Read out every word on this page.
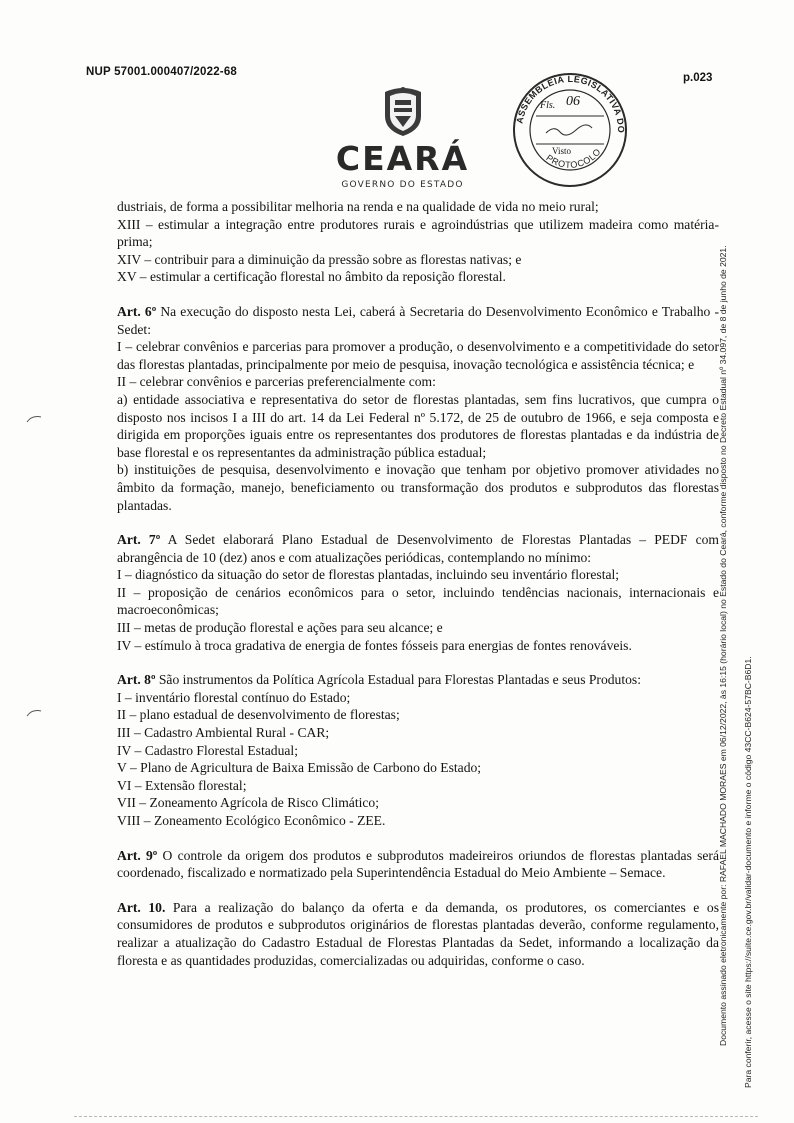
NUP 57001.000407/2022-68	p.023
CEARÁ
GOVERNO DO ESTADO
ASSEMBLEIA LEGISLATIVA DO
PROTOCOLO
Fls. 06
Visto
Documento assinado eletronicamente por: RAFAEL MACHADO MORAES em 06/12/2022, às 16:15 (horário local) no Estado do Ceará, conforme disposto no Decreto Estadual nº 34.097, de 8 de junho de 2021. Para conferir, acesse o site https://suite.ce.gov.br/validar-documento e informe o código 43CC-B624-57BC-B6D1.

dustriais, de forma a possibilitar melhoria na renda e na qualidade de vida no meio rural;

XIII – estimular a integração entre produtores rurais e agroindústrias que utilizem madeira como matéria-prima;

XIV – contribuir para a diminuição da pressão sobre as florestas nativas; e

XV – estimular a certificação florestal no âmbito da reposição florestal.

Art. 6º Na execução do disposto nesta Lei, caberá à Secretaria do Desenvolvimento Econômico e Trabalho - Sedet:

I – celebrar convênios e parcerias para promover a produção, o desenvolvimento e a competitividade do setor das florestas plantadas, principalmente por meio de pesquisa, inovação tecnológica e assistência técnica; e

II – celebrar convênios e parcerias preferencialmente com:

a) entidade associativa e representativa do setor de florestas plantadas, sem fins lucrativos, que cumpra o disposto nos incisos I a III do art. 14 da Lei Federal nº 5.172, de 25 de outubro de 1966, e seja composta e dirigida em proporções iguais entre os representantes dos produtores de florestas plantadas e da indústria de base florestal e os representantes da administração pública estadual;

b) instituições de pesquisa, desenvolvimento e inovação que tenham por objetivo promover atividades no âmbito da formação, manejo, beneficiamento ou transformação dos produtos e subprodutos das florestas plantadas.

Art. 7º A Sedet elaborará Plano Estadual de Desenvolvimento de Florestas Plantadas – PEDF com abrangência de 10 (dez) anos e com atualizações periódicas, contemplando no mínimo:

I – diagnóstico da situação do setor de florestas plantadas, incluindo seu inventário florestal;

II – proposição de cenários econômicos para o setor, incluindo tendências nacionais, internacionais e macroeconômicas;

III – metas de produção florestal e ações para seu alcance; e

IV – estímulo à troca gradativa de energia de fontes fósseis para energias de fontes renováveis.

Art. 8º São instrumentos da Política Agrícola Estadual para Florestas Plantadas e seus Produtos:

I – inventário florestal contínuo do Estado;

II – plano estadual de desenvolvimento de florestas;

III – Cadastro Ambiental Rural - CAR;

IV – Cadastro Florestal Estadual;

V – Plano de Agricultura de Baixa Emissão de Carbono do Estado;

VI – Extensão florestal;

VII – Zoneamento Agrícola de Risco Climático;

VIII – Zoneamento Ecológico Econômico - ZEE.

Art. 9º O controle da origem dos produtos e subprodutos madeireiros oriundos de florestas plantadas será coordenado, fiscalizado e normatizado pela Superintendência Estadual do Meio Ambiente – Semace.

Art. 10. Para a realização do balanço da oferta e da demanda, os produtores, os comerciantes e os consumidores de produtos e subprodutos originários de florestas plantadas deverão, conforme regulamento, realizar a atualização do Cadastro Estadual de Florestas Plantadas da Sedet, informando a localização da floresta e as quantidades produzidas, comercializadas ou adquiridas, conforme o caso.
